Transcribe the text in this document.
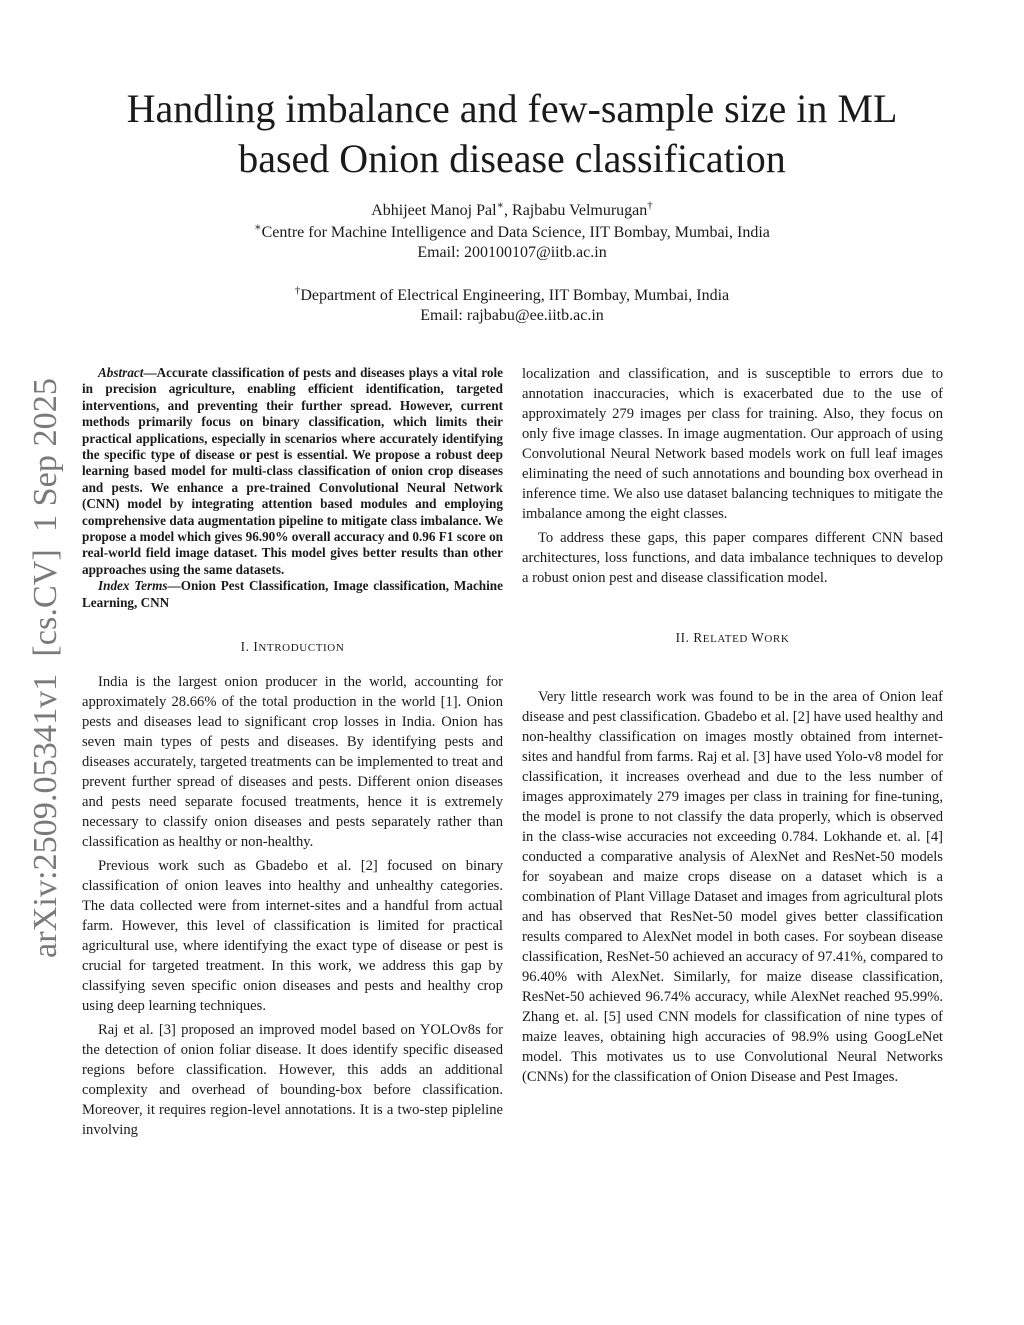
arXiv:2509.05341v1  [cs.CV]  1 Sep 2025
Handling imbalance and few-sample size in ML
based Onion disease classification
Abhijeet Manoj Pal∗, Rajbabu Velmurugan†
∗Centre for Machine Intelligence and Data Science, IIT Bombay, Mumbai, India
Email: 200100107@iitb.ac.in
†Department of Electrical Engineering, IIT Bombay, Mumbai, India
Email: rajbabu@ee.iitb.ac.in

Abstract—Accurate classification of pests and diseases plays a vital role in precision agriculture, enabling efficient identification, targeted interventions, and preventing their further spread. However, current methods primarily focus on binary classification, which limits their practical applications, especially in scenarios where accurately identifying the specific type of disease or pest is essential. We propose a robust deep learning based model for multi-class classification of onion crop diseases and pests. We enhance a pre-trained Convolutional Neural Network (CNN) model by integrating attention based modules and employing comprehensive data augmentation pipeline to mitigate class imbalance. We propose a model which gives 96.90% overall accuracy and 0.96 F1 score on real-world field image dataset. This model gives better results than other approaches using the same datasets.

Index Terms—Onion Pest Classification, Image classification, Machine Learning, CNN

I. INTRODUCTION

India is the largest onion producer in the world, accounting for approximately 28.66% of the total production in the world [1]. Onion pests and diseases lead to significant crop losses in India. Onion has seven main types of pests and diseases. By identifying pests and diseases accurately, targeted treatments can be implemented to treat and prevent further spread of diseases and pests. Different onion diseases and pests need separate focused treatments, hence it is extremely necessary to classify onion diseases and pests separately rather than classification as healthy or non-healthy.

Previous work such as Gbadebo et al. [2] focused on binary classification of onion leaves into healthy and unhealthy categories. The data collected were from internet-sites and a handful from actual farm. However, this level of classification is limited for practical agricultural use, where identifying the exact type of disease or pest is crucial for targeted treatment. In this work, we address this gap by classifying seven specific onion diseases and pests and healthy crop using deep learning techniques.

Raj et al. [3] proposed an improved model based on YOLOv8s for the detection of onion foliar disease. It does identify specific diseased regions before classification. However, this adds an additional complexity and overhead of bounding-box before classification. Moreover, it requires region-level annotations. It is a two-step pipleline involving

localization and classification, and is susceptible to errors due to annotation inaccuracies, which is exacerbated due to the use of approximately 279 images per class for training. Also, they focus on only five image classes. In image augmentation. Our approach of using Convolutional Neural Network based models work on full leaf images eliminating the need of such annotations and bounding box overhead in inference time. We also use dataset balancing techniques to mitigate the imbalance among the eight classes.

To address these gaps, this paper compares different CNN based architectures, loss functions, and data imbalance techniques to develop a robust onion pest and disease classification model.

II. RELATED WORK

Very little research work was found to be in the area of Onion leaf disease and pest classification. Gbadebo et al. [2] have used healthy and non-healthy classification on images mostly obtained from internet-sites and handful from farms. Raj et al. [3] have used Yolo-v8 model for classification, it increases overhead and due to the less number of images approximately 279 images per class in training for fine-tuning, the model is prone to not classify the data properly, which is observed in the class-wise accuracies not exceeding 0.784. Lokhande et. al. [4] conducted a comparative analysis of AlexNet and ResNet-50 models for soyabean and maize crops disease on a dataset which is a combination of Plant Village Dataset and images from agricultural plots and has observed that ResNet-50 model gives better classification results compared to AlexNet model in both cases. For soybean disease classification, ResNet-50 achieved an accuracy of 97.41%, compared to 96.40% with AlexNet. Similarly, for maize disease classification, ResNet-50 achieved 96.74% accuracy, while AlexNet reached 95.99%. Zhang et. al. [5] used CNN models for classification of nine types of maize leaves, obtaining high accuracies of 98.9% using GoogLeNet model. This motivates us to use Convolutional Neural Networks (CNNs) for the classification of Onion Disease and Pest Images.
